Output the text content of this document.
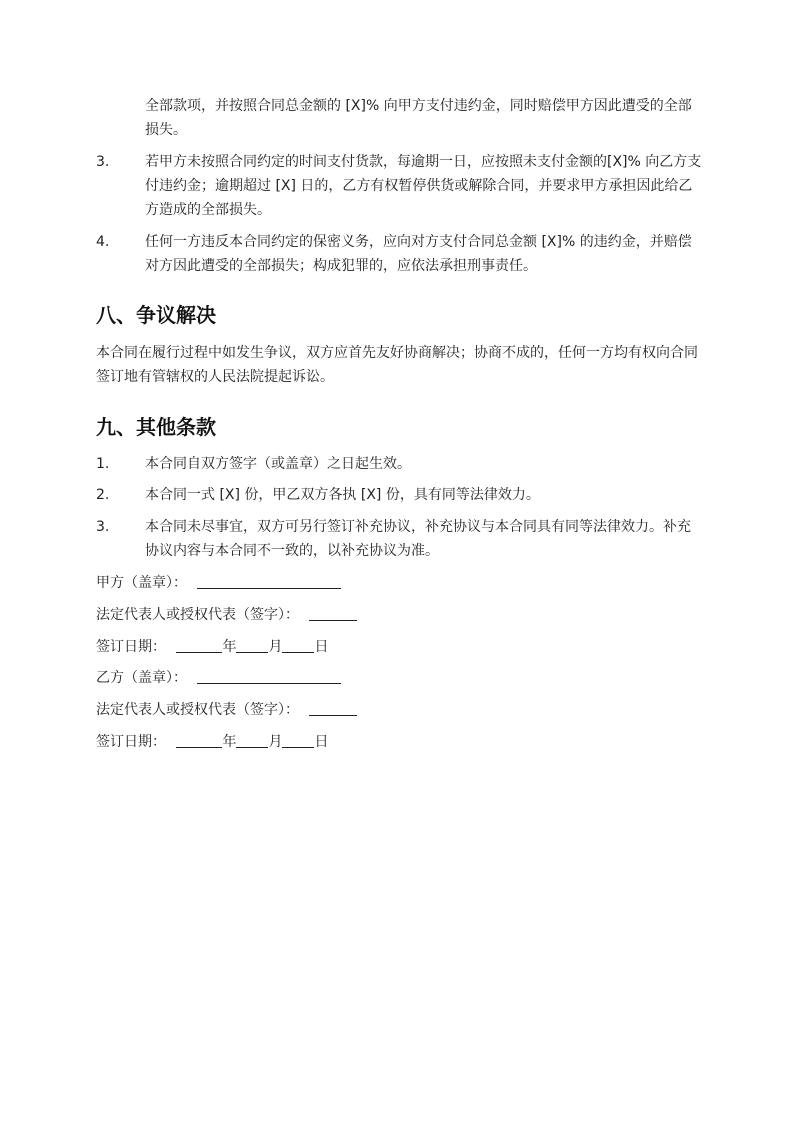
全部款项，并按照合同总金额的 [X]% 向甲方支付违约金，同时赔偿甲方因此遭受的全部损失。

3.	若甲方未按照合同约定的时间支付货款，每逾期一日，应按照未支付金额的[X]% 向乙方支付违约金；逾期超过 [X] 日的，乙方有权暂停供货或解除合同，并要求甲方承担因此给乙方造成的全部损失。
4.	任何一方违反本合同约定的保密义务，应向对方支付合同总金额 [X]% 的违约金，并赔偿对方因此遭受的全部损失；构成犯罪的，应依法承担刑事责任。
八、争议解决

本合同在履行过程中如发生争议，双方应首先友好协商解决；协商不成的，任何一方均有权向合同签订地有管辖权的人民法院提起诉讼。

九、其他条款
1.	本合同自双方签字（或盖章）之日起生效。
2.	本合同一式 [X] 份，甲乙双方各执 [X] 份，具有同等法律效力。
3.	本合同未尽事宜，双方可另行签订补充协议，补充协议与本合同具有同等法律效力。补充协议内容与本合同不一致的，以补充协议为准。
甲方（盖章）：
法定代表人或授权代表（签字）：
签订日期：	年 月 日
乙方（盖章）：
法定代表人或授权代表（签字）：
签订日期：	年 月 日
